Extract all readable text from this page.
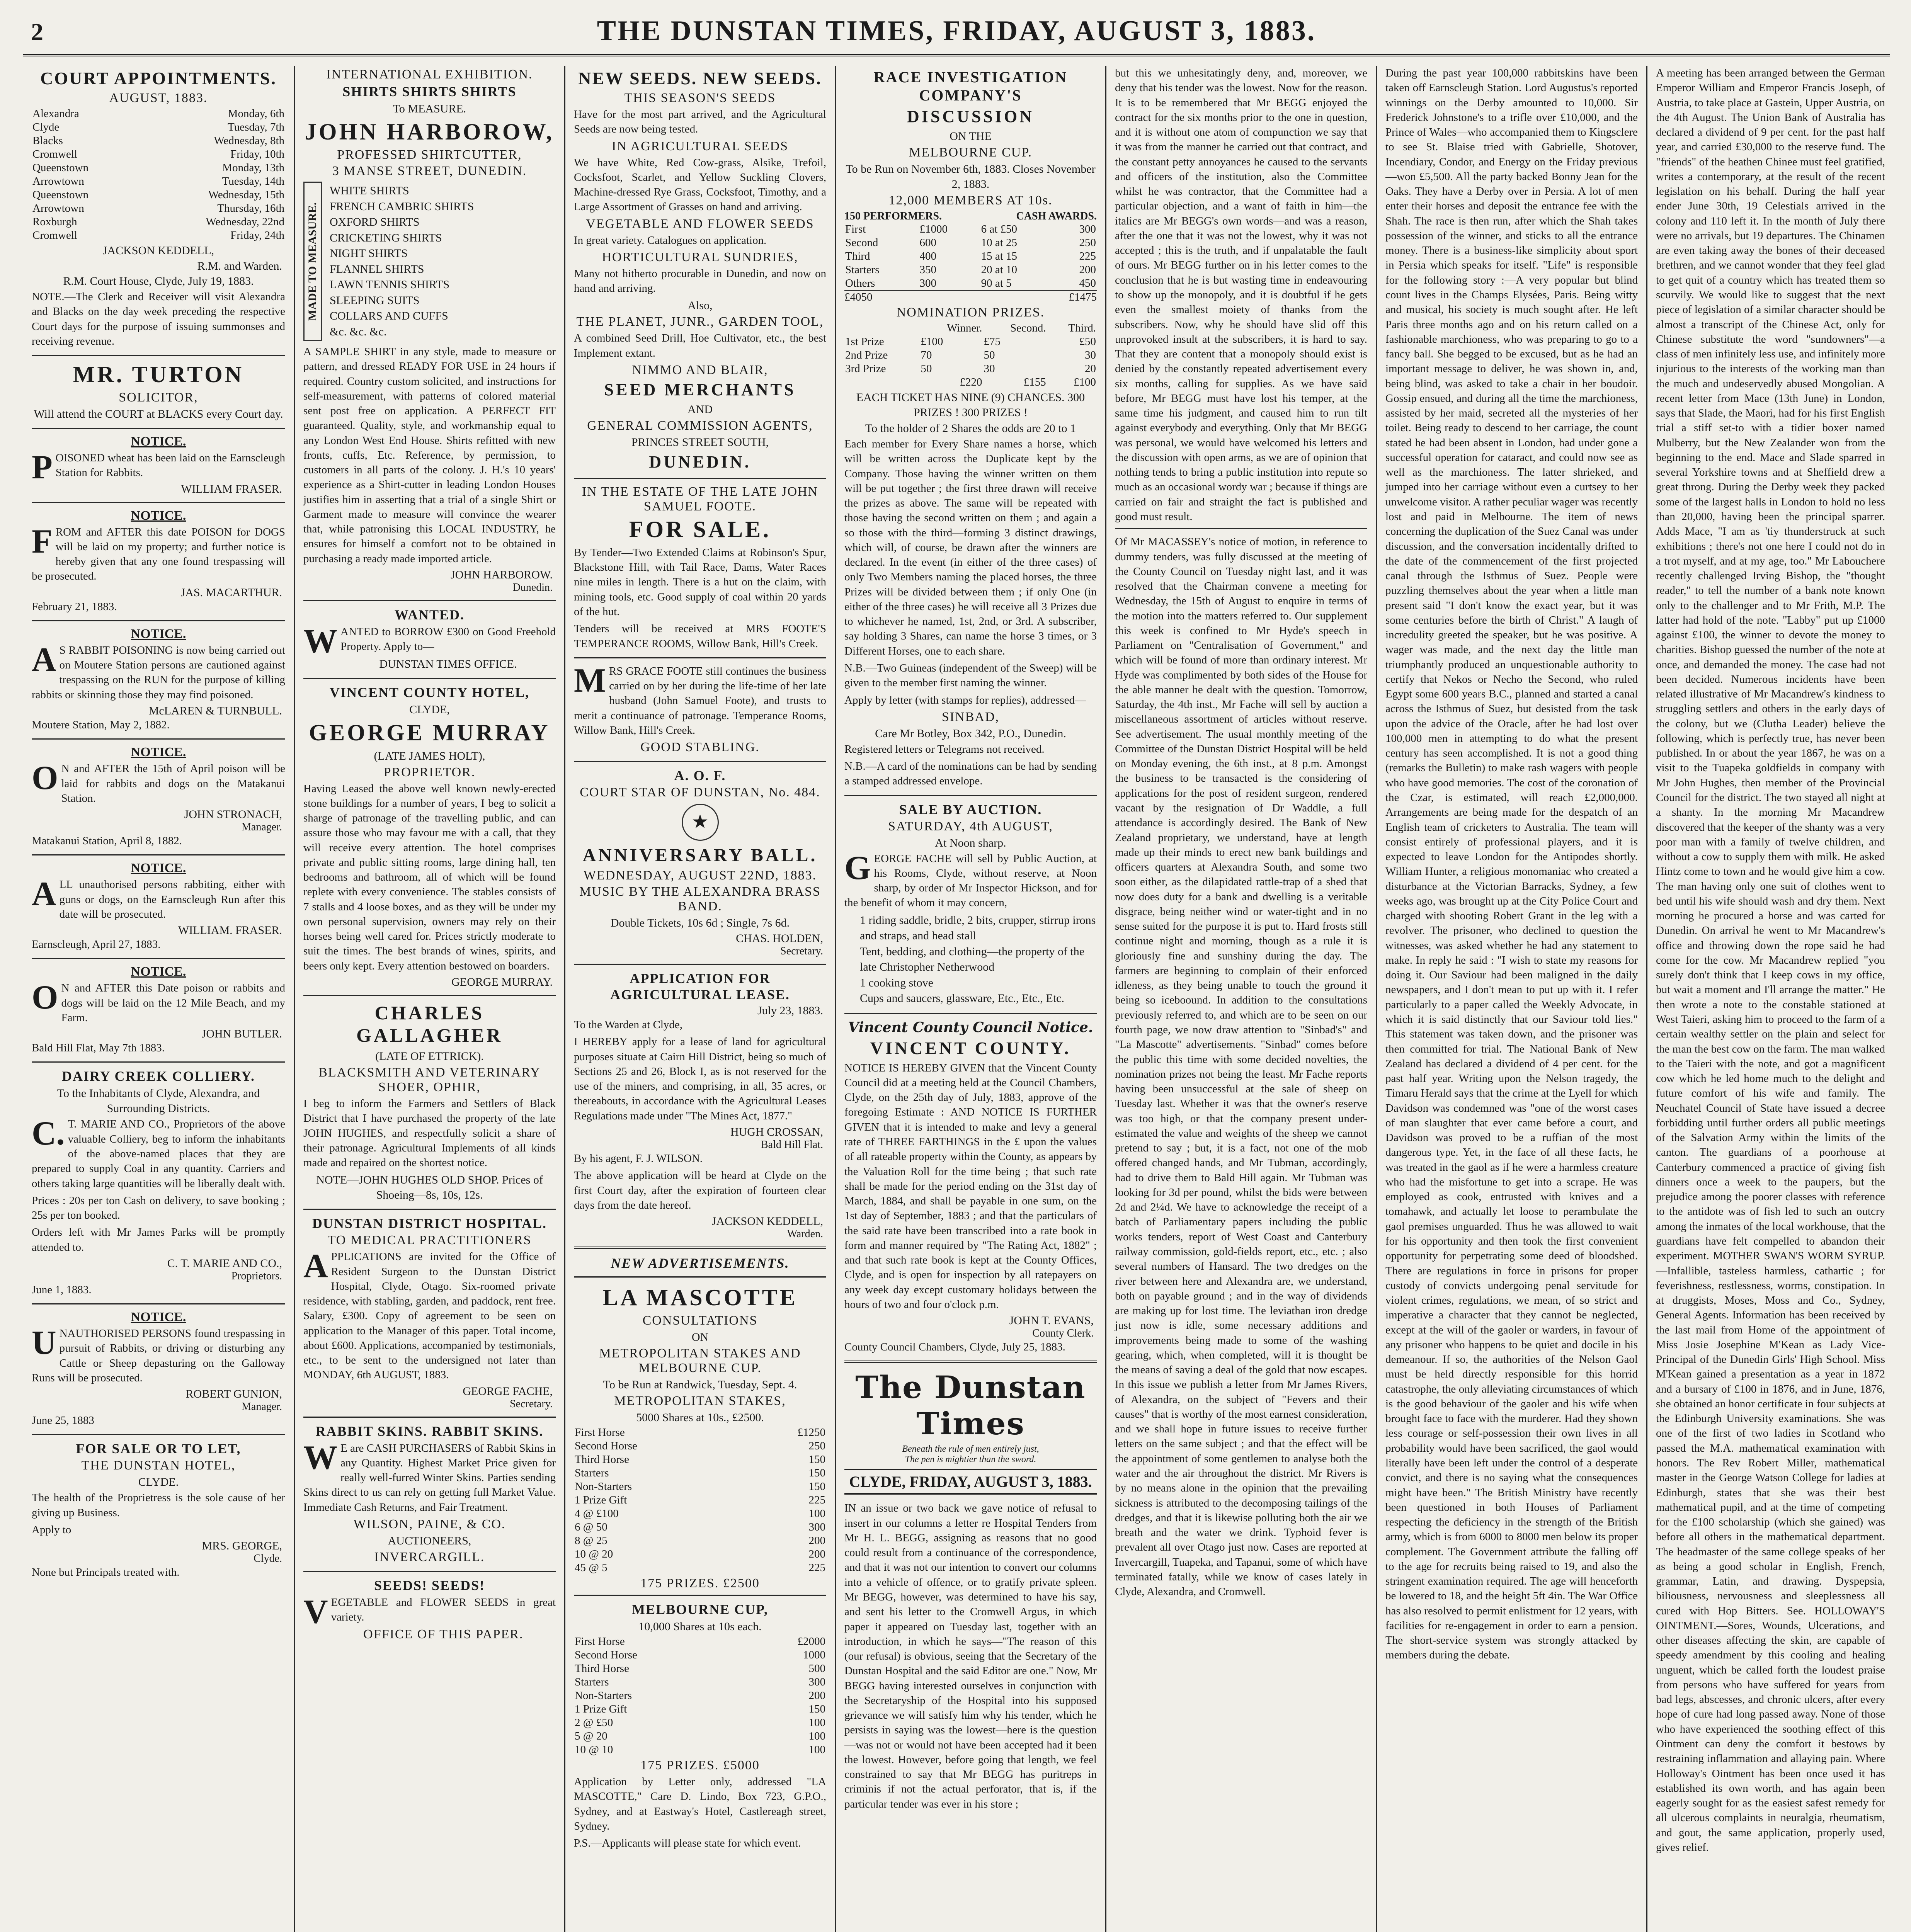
2	THE DUNSTAN TIMES, FRIDAY, AUGUST 3, 1883.
COURT APPOINTMENTS.
AUGUST, 1883.
Alexandra	Monday, 6th
Clyde	Tuesday, 7th
Blacks	Wednesday, 8th
Cromwell	Friday, 10th
Queenstown	Monday, 13th
Arrowtown	Tuesday, 14th
Queenstown	Wednesday, 15th
Arrowtown	Thursday, 16th
Roxburgh	Wednesday, 22nd
Cromwell	Friday, 24th
JACKSON KEDDELL,
R.M. and Warden.
R.M. Court House, Clyde, July 19, 1883.

NOTE.—The Clerk and Receiver will visit Alexandra and Blacks on the day week preceding the respective Court days for the purpose of issuing summonses and receiving revenue.

MR. TURTON
SOLICITOR,
Will attend the COURT at BLACKS every Court day.
NOTICE.

POISONED wheat has been laid on the Earnscleugh Station for Rabbits.

WILLIAM FRASER.
NOTICE.

FROM and AFTER this date POISON for DOGS will be laid on my property; and further notice is hereby given that any one found trespassing will be prosecuted.

JAS. MACARTHUR.
February 21, 1883.
NOTICE.

AS RABBIT POISONING is now being carried out on Moutere Station persons are cautioned against trespassing on the RUN for the purpose of killing rabbits or skinning those they may find poisoned.

McLAREN & TURNBULL.
Moutere Station, May 2, 1882.
NOTICE.

ON and AFTER the 15th of April poison will be laid for rabbits and dogs on the Matakanui Station.

JOHN STRONACH,
Manager.
Matakanui Station, April 8, 1882.
NOTICE.

ALL unauthorised persons rabbiting, either with guns or dogs, on the Earnscleugh Run after this date will be prosecuted.

WILLIAM. FRASER.
Earnscleugh, April 27, 1883.
NOTICE.

ON and AFTER this Date poison or rabbits and dogs will be laid on the 12 Mile Beach, and my Farm.

JOHN BUTLER.
Bald Hill Flat, May 7th 1883.
DAIRY CREEK COLLIERY.
To the Inhabitants of Clyde, Alexandra, and Surrounding Districts.

C.T. MARIE AND CO., Proprietors of the above valuable Colliery, beg to inform the inhabitants of the above-named places that they are prepared to supply Coal in any quantity. Carriers and others taking large quantities will be liberally dealt with.

Prices : 20s per ton Cash on delivery, to save booking ; 25s per ton booked.

Orders left with Mr James Parks will be promptly attended to.

C. T. MARIE AND CO.,
Proprietors.
June 1, 1883.
NOTICE.

UNAUTHORISED PERSONS found trespassing in pursuit of Rabbits, or driving or disturbing any Cattle or Sheep depasturing on the Galloway Runs will be prosecuted.

ROBERT GUNION,
Manager.
June 25, 1883
FOR SALE OR TO LET,
THE DUNSTAN HOTEL,
CLYDE.

The health of the Proprietress is the sole cause of her giving up Business.

Apply to
MRS. GEORGE,
Clyde.
None but Principals treated with.
INTERNATIONAL EXHIBITION.
SHIRTS SHIRTS SHIRTS
To MEASURE.
JOHN HARBOROW,
PROFESSED SHIRTCUTTER,
3 MANSE STREET, DUNEDIN.
MADE TO MEASURE.
WHITE SHIRTS
FRENCH CAMBRIC SHIRTS
OXFORD SHIRTS
CRICKETING SHIRTS
NIGHT SHIRTS
FLANNEL SHIRTS
LAWN TENNIS SHIRTS
SLEEPING SUITS
COLLARS AND CUFFS
&c. &c. &c.

A SAMPLE SHIRT in any style, made to measure or pattern, and dressed READY FOR USE in 24 hours if required. Country custom solicited, and instructions for self-measurement, with patterns of colored material sent post free on application. A PERFECT FIT guaranteed. Quality, style, and workmanship equal to any London West End House. Shirts refitted with new fronts, cuffs, Etc. Reference, by permission, to customers in all parts of the colony. J. H.'s 10 years' experience as a Shirt-cutter in leading London Houses justifies him in asserting that a trial of a single Shirt or Garment made to measure will convince the wearer that, while patronising this LOCAL INDUSTRY, he ensures for himself a comfort not to be obtained in purchasing a ready made imported article.

JOHN HARBOROW.
Dunedin.
WANTED.

WANTED to BORROW £300 on Good Freehold Property. Apply to—

DUNSTAN TIMES OFFICE.
VINCENT COUNTY HOTEL,
CLYDE,
GEORGE MURRAY
(LATE JAMES HOLT),
PROPRIETOR.

Having Leased the above well known newly-erected stone buildings for a number of years, I beg to solicit a sharge of patronage of the travelling public, and can assure those who may favour me with a call, that they will receive every attention. The hotel comprises private and public sitting rooms, large dining hall, ten bedrooms and bathroom, all of which will be found replete with every convenience. The stables consists of 7 stalls and 4 loose boxes, and as they will be under my own personal supervision, owners may rely on their horses being well cared for. Prices strictly moderate to suit the times. The best brands of wines, spirits, and beers only kept. Every attention bestowed on boarders.

GEORGE MURRAY.
CHARLES GALLAGHER
(LATE OF ETTRICK).
BLACKSMITH AND VETERINARY SHOER, OPHIR,

I beg to inform the Farmers and Settlers of Black District that I have purchased the property of the late JOHN HUGHES, and respectfully solicit a share of their patronage. Agricultural Implements of all kinds made and repaired on the shortest notice.

NOTE—JOHN HUGHES OLD SHOP. Prices of Shoeing—8s, 10s, 12s.
DUNSTAN DISTRICT HOSPITAL.
TO MEDICAL PRACTITIONERS

APPLICATIONS are invited for the Office of Resident Surgeon to the Dunstan District Hospital, Clyde, Otago. Six-roomed private residence, with stabling, garden, and paddock, rent free. Salary, £300. Copy of agreement to be seen on application to the Manager of this paper. Total income, about £600. Applications, accompanied by testimonials, etc., to be sent to the undersigned not later than MONDAY, 6th AUGUST, 1883.

GEORGE FACHE,
Secretary.
RABBIT SKINS. RABBIT SKINS.

WE are CASH PURCHASERS of Rabbit Skins in any Quantity. Highest Market Price given for really well-furred Winter Skins. Parties sending Skins direct to us can rely on getting full Market Value. Immediate Cash Returns, and Fair Treatment.

WILSON, PAINE, & CO.
AUCTIONEERS,
INVERCARGILL.
SEEDS! SEEDS!

VEGETABLE and FLOWER SEEDS in great variety.

OFFICE OF THIS PAPER.
NEW SEEDS. NEW SEEDS.
THIS SEASON'S SEEDS

Have for the most part arrived, and the Agricultural Seeds are now being tested.

IN AGRICULTURAL SEEDS

We have White, Red Cow-grass, Alsike, Trefoil, Cocksfoot, Scarlet, and Yellow Suckling Clovers, Machine-dressed Rye Grass, Cocksfoot, Timothy, and a Large Assortment of Grasses on hand and arriving.

VEGETABLE AND FLOWER SEEDS

In great variety. Catalogues on application.

HORTICULTURAL SUNDRIES,

Many not hitherto procurable in Dunedin, and now on hand and arriving.

Also,
THE PLANET, JUNR., GARDEN TOOL,

A combined Seed Drill, Hoe Cultivator, etc., the best Implement extant.

NIMMO AND BLAIR,
SEED MERCHANTS
AND
GENERAL COMMISSION AGENTS,
PRINCES STREET SOUTH,
DUNEDIN.
IN THE ESTATE OF THE LATE JOHN SAMUEL FOOTE.
FOR SALE.

By Tender—Two Extended Claims at Robinson's Spur, Blackstone Hill, with Tail Race, Dams, Water Races nine miles in length. There is a hut on the claim, with mining tools, etc. Good supply of coal within 20 yards of the hut.

Tenders will be received at MRS FOOTE'S TEMPERANCE ROOMS, Willow Bank, Hill's Creek.

MRS GRACE FOOTE still continues the business carried on by her during the life-time of her late husband (John Samuel Foote), and trusts to merit a continuance of patronage. Temperance Rooms, Willow Bank, Hill's Creek.

GOOD STABLING.
A. O. F.
COURT STAR OF DUNSTAN, No. 484.
★
ANNIVERSARY BALL.
WEDNESDAY, AUGUST 22ND, 1883.
MUSIC BY THE ALEXANDRA BRASS BAND.
Double Tickets, 10s 6d ; Single, 7s 6d.
CHAS. HOLDEN,
Secretary.
APPLICATION FOR AGRICULTURAL LEASE.
July 23, 1883.
To the Warden at Clyde,

I HEREBY apply for a lease of land for agricultural purposes situate at Cairn Hill District, being so much of Sections 25 and 26, Block I, as is not reserved for the use of the miners, and comprising, in all, 35 acres, or thereabouts, in accordance with the Agricultural Leases Regulations made under "The Mines Act, 1877."

HUGH CROSSAN,
Bald Hill Flat.
By his agent, F. J. WILSON.

The above application will be heard at Clyde on the first Court day, after the expiration of fourteen clear days from the date hereof.

JACKSON KEDDELL,
Warden.
NEW ADVERTISEMENTS.
LA MASCOTTE
CONSULTATIONS
ON
METROPOLITAN STAKES AND MELBOURNE CUP.
To be Run at Randwick, Tuesday, Sept. 4.
METROPOLITAN STAKES,
5000 Shares at 10s., £2500.
First Horse	£1250
Second Horse	250
Third Horse	150
Starters	150
Non-Starters	150
1 Prize Gift	225
4 @ £100	100
6 @ 50	300
8 @ 25	200
10 @ 20	200
45 @ 5	225
175 PRIZES. £2500
MELBOURNE CUP,
10,000 Shares at 10s each.
First Horse	£2000
Second Horse	1000
Third Horse	500
Starters	300
Non-Starters	200
1 Prize Gift	150
2 @ £50	100
5 @ 20	100
10 @ 10	100
175 PRIZES. £5000

Application by Letter only, addressed "LA MASCOTTE," Care D. Lindo, Box 723, G.P.O., Sydney, and at Eastway's Hotel, Castlereagh street, Sydney.

P.S.—Applicants will please state for which event.
RACE INVESTIGATION COMPANY'S
DISCUSSION
ON THE
MELBOURNE CUP.
To be Run on November 6th, 1883. Closes November 2, 1883.
12,000 MEMBERS AT 10s.
150 PERFORMERS.	CASH AWARDS.
First	£1000	6 at £50	300
Second	600	10 at 25	250
Third	400	15 at 15	225
Starters	350	20 at 10	200
Others	300	90 at 5	450
£4050	£1475
NOMINATION PRIZES.
	Winner.	Second.	Third.
1st Prize	£100	£75	£50
2nd Prize	70	50	30
3rd Prize	50	30	20
	£220	£155	£100
EACH TICKET HAS NINE (9) CHANCES. 300 PRIZES ! 300 PRIZES !
To the holder of 2 Shares the odds are 20 to 1

Each member for Every Share names a horse, which will be written across the Duplicate kept by the Company. Those having the winner written on them will be put together ; the first three drawn will receive the prizes as above. The same will be repeated with those having the second written on them ; and again a so those with the third—forming 3 distinct drawings, which will, of course, be drawn after the winners are declared. In the event (in either of the three cases) of only Two Members naming the placed horses, the three Prizes will be divided between them ; if only One (in either of the three cases) he will receive all 3 Prizes due to whichever he named, 1st, 2nd, or 3rd. A subscriber, say holding 3 Shares, can name the horse 3 times, or 3 Different Horses, one to each share.

N.B.—Two Guineas (independent of the Sweep) will be given to the member first naming the winner.

Apply by letter (with stamps for replies), addressed—

SINBAD,
Care Mr Botley, Box 342, P.O., Dunedin.

Registered letters or Telegrams not received.

N.B.—A card of the nominations can be had by sending a stamped addressed envelope.

SALE BY AUCTION.
SATURDAY, 4th AUGUST,
At Noon sharp.

GEORGE FACHE will sell by Public Auction, at his Rooms, Clyde, without reserve, at Noon sharp, by order of Mr Inspector Hickson, and for the benefit of whom it may concern,

1 riding saddle, bridle, 2 bits, crupper, stirrup irons and straps, and head stall
Tent, bedding, and clothing—the property of the late Christopher Netherwood
1 cooking stove
Cups and saucers, glassware, Etc., Etc., Etc.
Vincent County Council Notice.
VINCENT COUNTY.

NOTICE IS HEREBY GIVEN that the Vincent County Council did at a meeting held at the Council Chambers, Clyde, on the 25th day of July, 1883, approve of the foregoing Estimate : AND NOTICE IS FURTHER GIVEN that it is intended to make and levy a general rate of THREE FARTHINGS in the £ upon the values of all rateable property within the County, as appears by the Valuation Roll for the time being ; that such rate shall be made for the period ending on the 31st day of March, 1884, and shall be payable in one sum, on the 1st day of September, 1883 ; and that the particulars of the said rate have been transcribed into a rate book in form and manner required by "The Rating Act, 1882" ; and that such rate book is kept at the County Offices, Clyde, and is open for inspection by all ratepayers on any week day except customary holidays between the hours of two and four o'clock p.m.

JOHN T. EVANS,
County Clerk.
County Council Chambers, Clyde, July 25, 1883.
The Dunstan Times

Beneath the rule of men entirely just,

The pen is mightier than the sword.

CLYDE, FRIDAY, AUGUST 3, 1883.

IN an issue or two back we gave notice of refusal to insert in our columns a letter re Hospital Tenders from Mr H. L. BEGG, assigning as reasons that no good could result from a continuance of the correspondence, and that it was not our intention to convert our columns into a vehicle of offence, or to gratify private spleen. Mr BEGG, however, was determined to have his say, and sent his letter to the Cromwell Argus, in which paper it appeared on Tuesday last, together with an introduction, in which he says—"The reason of this (our refusal) is obvious, seeing that the Secretary of the Dunstan Hospital and the said Editor are one." Now, Mr BEGG having interested ourselves in conjunction with the Secretaryship of the Hospital into his supposed grievance we will satisfy him why his tender, which he persists in saying was the lowest—here is the question—was not or would not have been accepted had it been the lowest. However, before going that length, we feel constrained to say that Mr BEGG has puritreps in criminis if not the actual perforator, that is, if the particular tender was ever in his store ;

but this we unhesitatingly deny, and, moreover, we deny that his tender was the lowest. Now for the reason. It is to be remembered that Mr BEGG enjoyed the contract for the six months prior to the one in question, and it is without one atom of compunction we say that it was from the manner he carried out that contract, and the constant petty annoyances he caused to the servants and officers of the institution, also the Committee whilst he was contractor, that the Committee had a particular objection, and a want of faith in him—the italics are Mr BEGG's own words—and was a reason, after the one that it was not the lowest, why it was not accepted ; this is the truth, and if unpalatable the fault of ours. Mr BEGG further on in his letter comes to the conclusion that he is but wasting time in endeavouring to show up the monopoly, and it is doubtful if he gets even the smallest moiety of thanks from the subscribers. Now, why he should have slid off this unprovoked insult at the subscribers, it is hard to say. That they are content that a monopoly should exist is denied by the constantly repeated advertisement every six months, calling for supplies. As we have said before, Mr BEGG must have lost his temper, at the same time his judgment, and caused him to run tilt against everybody and everything. Only that Mr BEGG was personal, we would have welcomed his letters and the discussion with open arms, as we are of opinion that nothing tends to bring a public institution into repute so much as an occasional wordy war ; because if things are carried on fair and straight the fact is published and good must result.

Of Mr MACASSEY's notice of motion, in reference to dummy tenders, was fully discussed at the meeting of the County Council on Tuesday night last, and it was resolved that the Chairman convene a meeting for Wednesday, the 15th of August to enquire in terms of the motion into the matters referred to. Our supplement this week is confined to Mr Hyde's speech in Parliament on "Centralisation of Government," and which will be found of more than ordinary interest. Mr Hyde was complimented by both sides of the House for the able manner he dealt with the question. Tomorrow, Saturday, the 4th inst., Mr Fache will sell by auction a miscellaneous assortment of articles without reserve. See advertisement. The usual monthly meeting of the Committee of the Dunstan District Hospital will be held on Monday evening, the 6th inst., at 8 p.m. Amongst the business to be transacted is the considering of applications for the post of resident surgeon, rendered vacant by the resignation of Dr Waddle, a full attendance is accordingly desired. The Bank of New Zealand proprietary, we understand, have at length made up their minds to erect new bank buildings and officers quarters at Alexandra South, and some two soon either, as the dilapidated rattle-trap of a shed that now does duty for a bank and dwelling is a veritable disgrace, being neither wind or water-tight and in no sense suited for the purpose it is put to. Hard frosts still continue night and morning, though as a rule it is gloriously fine and sunshiny during the day. The farmers are beginning to complain of their enforced idleness, as they being unable to touch the ground it being so iceboound. In addition to the consultations previously referred to, and which are to be seen on our fourth page, we now draw attention to "Sinbad's" and "La Mascotte" advertisements. "Sinbad" comes before the public this time with some decided novelties, the nomination prizes not being the least. Mr Fache reports having been unsuccessful at the sale of sheep on Tuesday last. Whether it was that the owner's reserve was too high, or that the company present under-estimated the value and weights of the sheep we cannot pretend to say ; but, it is a fact, not one of the mob offered changed hands, and Mr Tubman, accordingly, had to drive them to Bald Hill again. Mr Tubman was looking for 3d per pound, whilst the bids were between 2d and 2¼d. We have to acknowledge the receipt of a batch of Parliamentary papers including the public works tenders, report of West Coast and Canterbury railway commission, gold-fields report, etc., etc. ; also several numbers of Hansard. The two dredges on the river between here and Alexandra are, we understand, both on payable ground ; and in the way of dividends are making up for lost time. The leviathan iron dredge just now is idle, some necessary additions and improvements being made to some of the washing gearing, which, when completed, will it is thought be the means of saving a deal of the gold that now escapes. In this issue we publish a letter from Mr James Rivers, of Alexandra, on the subject of "Fevers and their causes" that is worthy of the most earnest consideration, and we shall hope in future issues to receive further letters on the same subject ; and that the effect will be the appointment of some gentlemen to analyse both the water and the air throughout the district. Mr Rivers is by no means alone in the opinion that the prevailing sickness is attributed to the decomposing tailings of the dredges, and that it is likewise polluting both the air we breath and the water we drink. Typhoid fever is prevalent all over Otago just now. Cases are reported at Invercargill, Tuapeka, and Tapanui, some of which have terminated fatally, while we know of cases lately in Clyde, Alexandra, and Cromwell.

During the past year 100,000 rabbitskins have been taken off Earnscleugh Station. Lord Augustus's reported winnings on the Derby amounted to 10,000. Sir Frederick Johnstone's to a trifle over £10,000, and the Prince of Wales—who accompanied them to Kingsclere to see St. Blaise tried with Gabrielle, Shotover, Incendiary, Condor, and Energy on the Friday previous—won £5,500. All the party backed Bonny Jean for the Oaks. They have a Derby over in Persia. A lot of men enter their horses and deposit the entrance fee with the Shah. The race is then run, after which the Shah takes possession of the winner, and sticks to all the entrance money. There is a business-like simplicity about sport in Persia which speaks for itself. "Life" is responsible for the following story :—A very popular but blind count lives in the Champs Elysées, Paris. Being witty and musical, his society is much sought after. He left Paris three months ago and on his return called on a fashionable marchioness, who was preparing to go to a fancy ball. She begged to be excused, but as he had an important message to deliver, he was shown in, and, being blind, was asked to take a chair in her boudoir. Gossip ensued, and during all the time the marchioness, assisted by her maid, secreted all the mysteries of her toilet. Being ready to descend to her carriage, the count stated he had been absent in London, had under gone a successful operation for cataract, and could now see as well as the marchioness. The latter shrieked, and jumped into her carriage without even a curtsey to her unwelcome visitor. A rather peculiar wager was recently lost and paid in Melbourne. The item of news concerning the duplication of the Suez Canal was under discussion, and the conversation incidentally drifted to the date of the commencement of the first projected canal through the Isthmus of Suez. People were puzzling themselves about the year when a little man present said "I don't know the exact year, but it was some centuries before the birth of Christ." A laugh of incredulity greeted the speaker, but he was positive. A wager was made, and the next day the little man triumphantly produced an unquestionable authority to certify that Nekos or Necho the Second, who ruled Egypt some 600 years B.C., planned and started a canal across the Isthmus of Suez, but desisted from the task upon the advice of the Oracle, after he had lost over 100,000 men in attempting to do what the present century has seen accomplished. It is not a good thing (remarks the Bulletin) to make rash wagers with people who have good memories. The cost of the coronation of the Czar, is estimated, will reach £2,000,000. Arrangements are being made for the despatch of an English team of cricketers to Australia. The team will consist entirely of professional players, and it is expected to leave London for the Antipodes shortly. William Hunter, a religious monomaniac who created a disturbance at the Victorian Barracks, Sydney, a few weeks ago, was brought up at the City Police Court and charged with shooting Robert Grant in the leg with a revolver. The prisoner, who declined to question the witnesses, was asked whether he had any statement to make. In reply he said : "I wish to state my reasons for doing it. Our Saviour had been maligned in the daily newspapers, and I don't mean to put up with it. I refer particularly to a paper called the Weekly Advocate, in which it is said distinctly that our Saviour told lies." This statement was taken down, and the prisoner was then committed for trial. The National Bank of New Zealand has declared a dividend of 4 per cent. for the past half year. Writing upon the Nelson tragedy, the Timaru Herald says that the crime at the Lyell for which Davidson was condemned was "one of the worst cases of man slaughter that ever came before a court, and Davidson was proved to be a ruffian of the most dangerous type. Yet, in the face of all these facts, he was treated in the gaol as if he were a harmless creature who had the misfortune to get into a scrape. He was employed as cook, entrusted with knives and a tomahawk, and actually let loose to perambulate the gaol premises unguarded. Thus he was allowed to wait for his opportunity and then took the first convenient opportunity for perpetrating some deed of bloodshed. There are regulations in force in prisons for proper custody of convicts undergoing penal servitude for violent crimes, regulations, we mean, of so strict and imperative a character that they cannot be neglected, except at the will of the gaoler or warders, in favour of any prisoner who happens to be quiet and docile in his demeanour. If so, the authorities of the Nelson Gaol must be held directly responsible for this horrid catastrophe, the only alleviating circumstances of which is the good behaviour of the gaoler and his wife when brought face to face with the murderer. Had they shown less courage or self-possession their own lives in all probability would have been sacrificed, the gaol would literally have been left under the control of a desperate convict, and there is no saying what the consequences might have been." The British Ministry have recently been questioned in both Houses of Parliament respecting the deficiency in the strength of the British army, which is from 6000 to 8000 men below its proper complement. The Government attribute the falling off to the age for recruits being raised to 19, and also the stringent examination required. The age will henceforth be lowered to 18, and the height 5ft 4in. The War Office has also resolved to permit enlistment for 12 years, with facilities for re-engagement in order to earn a pension. The short-service system was strongly attacked by members during the debate.

A meeting has been arranged between the German Emperor William and Emperor Francis Joseph, of Austria, to take place at Gastein, Upper Austria, on the 4th August. The Union Bank of Australia has declared a dividend of 9 per cent. for the past half year, and carried £30,000 to the reserve fund. The "friends" of the heathen Chinee must feel gratified, writes a contemporary, at the result of the recent legislation on his behalf. During the half year ender June 30th, 19 Celestials arrived in the colony and 110 left it. In the month of July there were no arrivals, but 19 departures. The Chinamen are even taking away the bones of their deceased brethren, and we cannot wonder that they feel glad to get quit of a country which has treated them so scurvily. We would like to suggest that the next piece of legislation of a similar character should be almost a transcript of the Chinese Act, only for Chinese substitute the word "sundowners"—a class of men infinitely less use, and infinitely more injurious to the interests of the working man than the much and undeservedly abused Mongolian. A recent letter from Mace (13th June) in London, says that Slade, the Maori, had for his first English trial a stiff set-to with a tidier boxer named Mulberry, but the New Zealander won from the beginning to the end. Mace and Slade sparred in several Yorkshire towns and at Sheffield drew a great throng. During the Derby week they packed some of the largest halls in London to hold no less than 20,000, having been the principal sparrer. Adds Mace, "I am as 'tiy thunderstruck at such exhibitions ; there's not one here I could not do in a trot myself, and at my age, too." Mr Labouchere recently challenged Irving Bishop, the "thought reader," to tell the number of a bank note known only to the challenger and to Mr Frith, M.P. The latter had hold of the note. "Labby" put up £1000 against £100, the winner to devote the money to charities. Bishop guessed the number of the note at once, and demanded the money. The case had not been decided. Numerous incidents have been related illustrative of Mr Macandrew's kindness to struggling settlers and others in the early days of the colony, but we (Clutha Leader) believe the following, which is perfectly true, has never been published. In or about the year 1867, he was on a visit to the Tuapeka goldfields in company with Mr John Hughes, then member of the Provincial Council for the district. The two stayed all night at a shanty. In the morning Mr Macandrew discovered that the keeper of the shanty was a very poor man with a family of twelve children, and without a cow to supply them with milk. He asked Hintz come to town and he would give him a cow. The man having only one suit of clothes went to bed until his wife should wash and dry them. Next morning he procured a horse and was carted for Dunedin. On arrival he went to Mr Macandrew's office and throwing down the rope said he had come for the cow. Mr Macandrew replied "you surely don't think that I keep cows in my office, but wait a moment and I'll arrange the matter." He then wrote a note to the constable stationed at West Taieri, asking him to proceed to the farm of a certain wealthy settler on the plain and select for the man the best cow on the farm. The man walked to the Taieri with the note, and got a magnificent cow which he led home much to the delight and future comfort of his wife and family. The Neuchatel Council of State have issued a decree forbidding until further orders all public meetings of the Salvation Army within the limits of the canton. The guardians of a poorhouse at Canterbury commenced a practice of giving fish dinners once a week to the paupers, but the prejudice among the poorer classes with reference to the antidote was of fish led to such an outcry among the inmates of the local workhouse, that the guardians have felt compelled to abandon their experiment. MOTHER SWAN'S WORM SYRUP.—Infallible, tasteless harmless, cathartic ; for feverishness, restlessness, worms, constipation. In at druggists, Moses, Moss and Co., Sydney, General Agents. Information has been received by the last mail from Home of the appointment of Miss Josie Josephine M'Kean as Lady Vice-Principal of the Dunedin Girls' High School. Miss M'Kean gained a presentation as a year in 1872 and a bursary of £100 in 1876, and in June, 1876, she obtained an honor certificate in four subjects at the Edinburgh University examinations. She was one of the first of two ladies in Scotland who passed the M.A. mathematical examination with honors. The Rev Robert Miller, mathematical master in the George Watson College for ladies at Edinburgh, states that she was their best mathematical pupil, and at the time of competing for the £100 scholarship (which she gained) was before all others in the mathematical department. The headmaster of the same college speaks of her as being a good scholar in English, French, grammar, Latin, and drawing. Dyspepsia, biliousness, nervousness and sleeplessness all cured with Hop Bitters. See. HOLLOWAY'S OINTMENT.—Sores, Wounds, Ulcerations, and other diseases affecting the skin, are capable of speedy amendment by this cooling and healing unguent, which be called forth the loudest praise from persons who have suffered for years from bad legs, abscesses, and chronic ulcers, after every hope of cure had long passed away. None of those who have experienced the soothing effect of this Ointment can deny the comfort it bestows by restraining inflammation and allaying pain. Where Holloway's Ointment has been once used it has established its own worth, and has again been eagerly sought for as the easiest safest remedy for all ulcerous complaints in neuralgia, rheumatism, and gout, the same application, properly used, gives relief.
